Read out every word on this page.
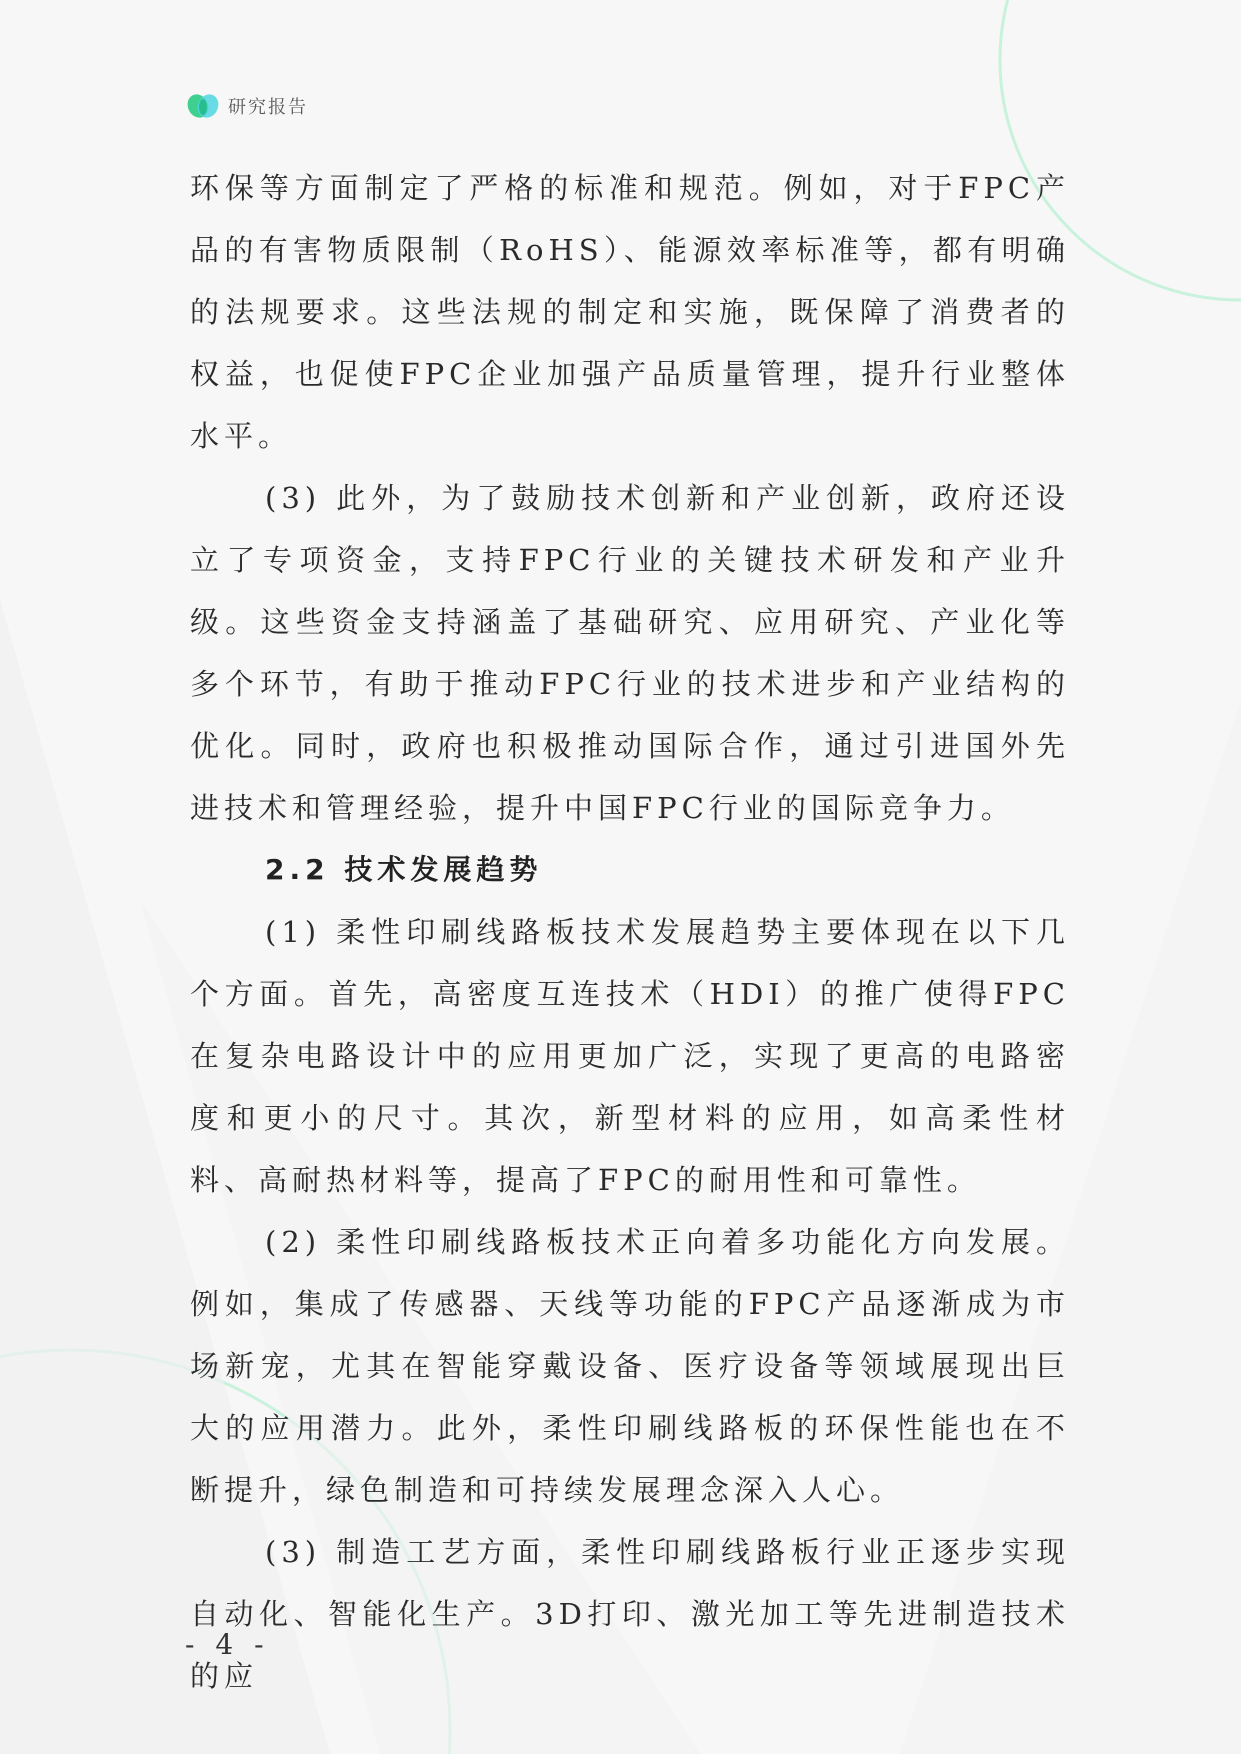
研究报告

环保等方面制定了严格的标准和规范。例如，对于FPC产品的有害物质限制（RoHS）、能源效率标准等，都有明确的法规要求。这些法规的制定和实施，既保障了消费者的权益，也促使FPC企业加强产品质量管理，提升行业整体水平。

(3) 此外，为了鼓励技术创新和产业创新，政府还设立了专项资金，支持FPC行业的关键技术研发和产业升级。这些资金支持涵盖了基础研究、应用研究、产业化等多个环节，有助于推动FPC行业的技术进步和产业结构的优化。同时，政府也积极推动国际合作，通过引进国外先进技术和管理经验，提升中国FPC行业的国际竞争力。

2.2 技术发展趋势

(1) 柔性印刷线路板技术发展趋势主要体现在以下几个方面。首先，高密度互连技术（HDI）的推广使得FPC在复杂电路设计中的应用更加广泛，实现了更高的电路密度和更小的尺寸。其次，新型材料的应用，如高柔性材料、高耐热材料等，提高了FPC的耐用性和可靠性。

(2) 柔性印刷线路板技术正向着多功能化方向发展。例如，集成了传感器、天线等功能的FPC产品逐渐成为市场新宠，尤其在智能穿戴设备、医疗设备等领域展现出巨大的应用潜力。此外，柔性印刷线路板的环保性能也在不断提升，绿色制造和可持续发展理念深入人心。

(3) 制造工艺方面，柔性印刷线路板行业正逐步实现自动化、智能化生产。3D打印、激光加工等先进制造技术的应

- 4 -
